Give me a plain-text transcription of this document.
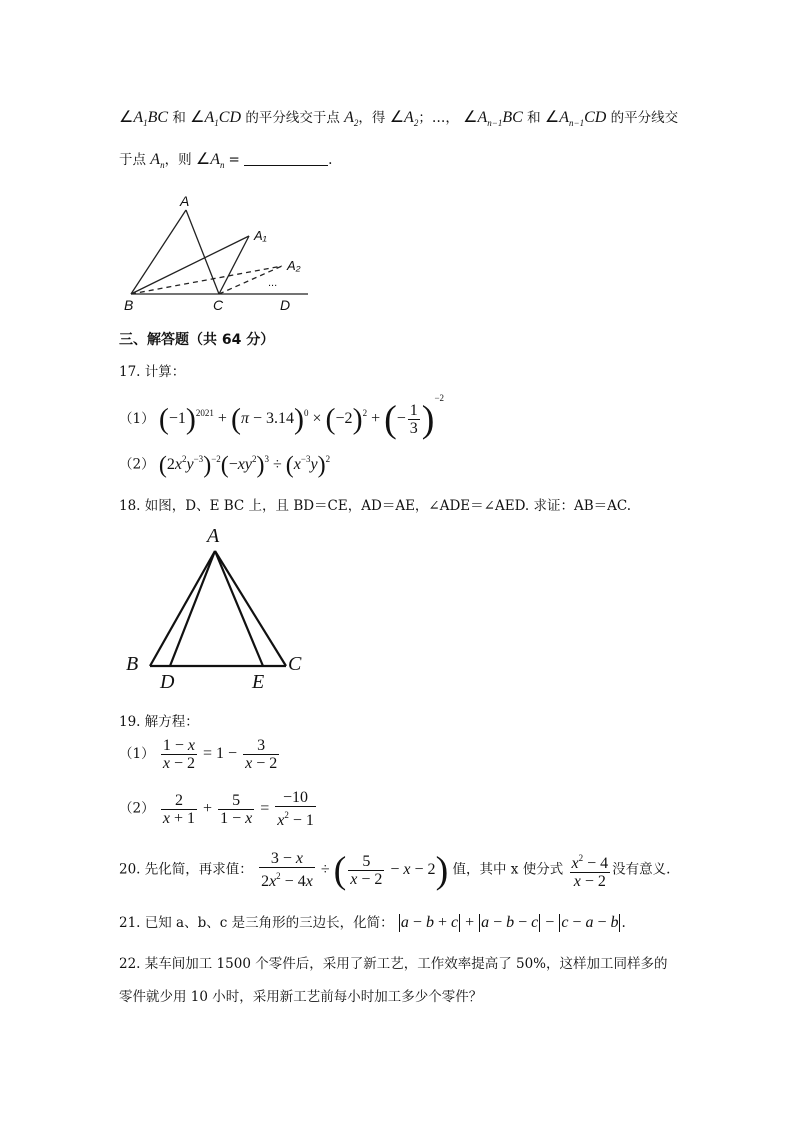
$\angle A_1BC$ 和 $\angle A_1CD$ 的平分线交于点 $A_2$，得 $\angle A_2$；…， $\angle A_{n-1}BC$ 和 $\angle A_{n-1}CD$ 的平分线交
于点 $A_n$，则 $\angle A_n$ =	.
A
A₁
A₂
B	C	D
...
三、解答题（共 64 分）
17. 计算：
（1） $(-1)^{2021} + (\pi - 3.14)^0 \times (-2)^2$ + (− $\frac{1}{3} )^{-2}$
（2） $(2x^2y^{-3})^{-2}(-xy^2)^3 \div (x^{-3}y)^2$
18. 如图，D、E BC 上，且 BD＝CE，AD＝AE，∠ADE＝∠AED. 求证：AB＝AC.
A
B	C
D	E
19. 解方程：
$(1) \frac{1 - x}{x - 2} = 1 - \frac{3}{x - 2}$
$(2) \frac{2}{x + 1} + \frac{5}{1 - x} = \frac{-10}{x^2 - 1}$
20. 先化简，再求值： $\frac{3 - x}{2x^2 - 4x}$ ÷ ( $\frac{5}{x - 2} - x - 2$) 值，其中 x 使分式 $\frac{x^2 - 4}{x - 2}$ 没有意义.
21. 已知 a、b、c 是三角形的三边长，化简： a − b + c + a − b − c − c − a − b .
22. 某车间加工 1500 个零件后，采用了新工艺，工作效率提高了 50%，这样加工同样多的
零件就少用 10 小时，采用新工艺前每小时加工多少个零件？
